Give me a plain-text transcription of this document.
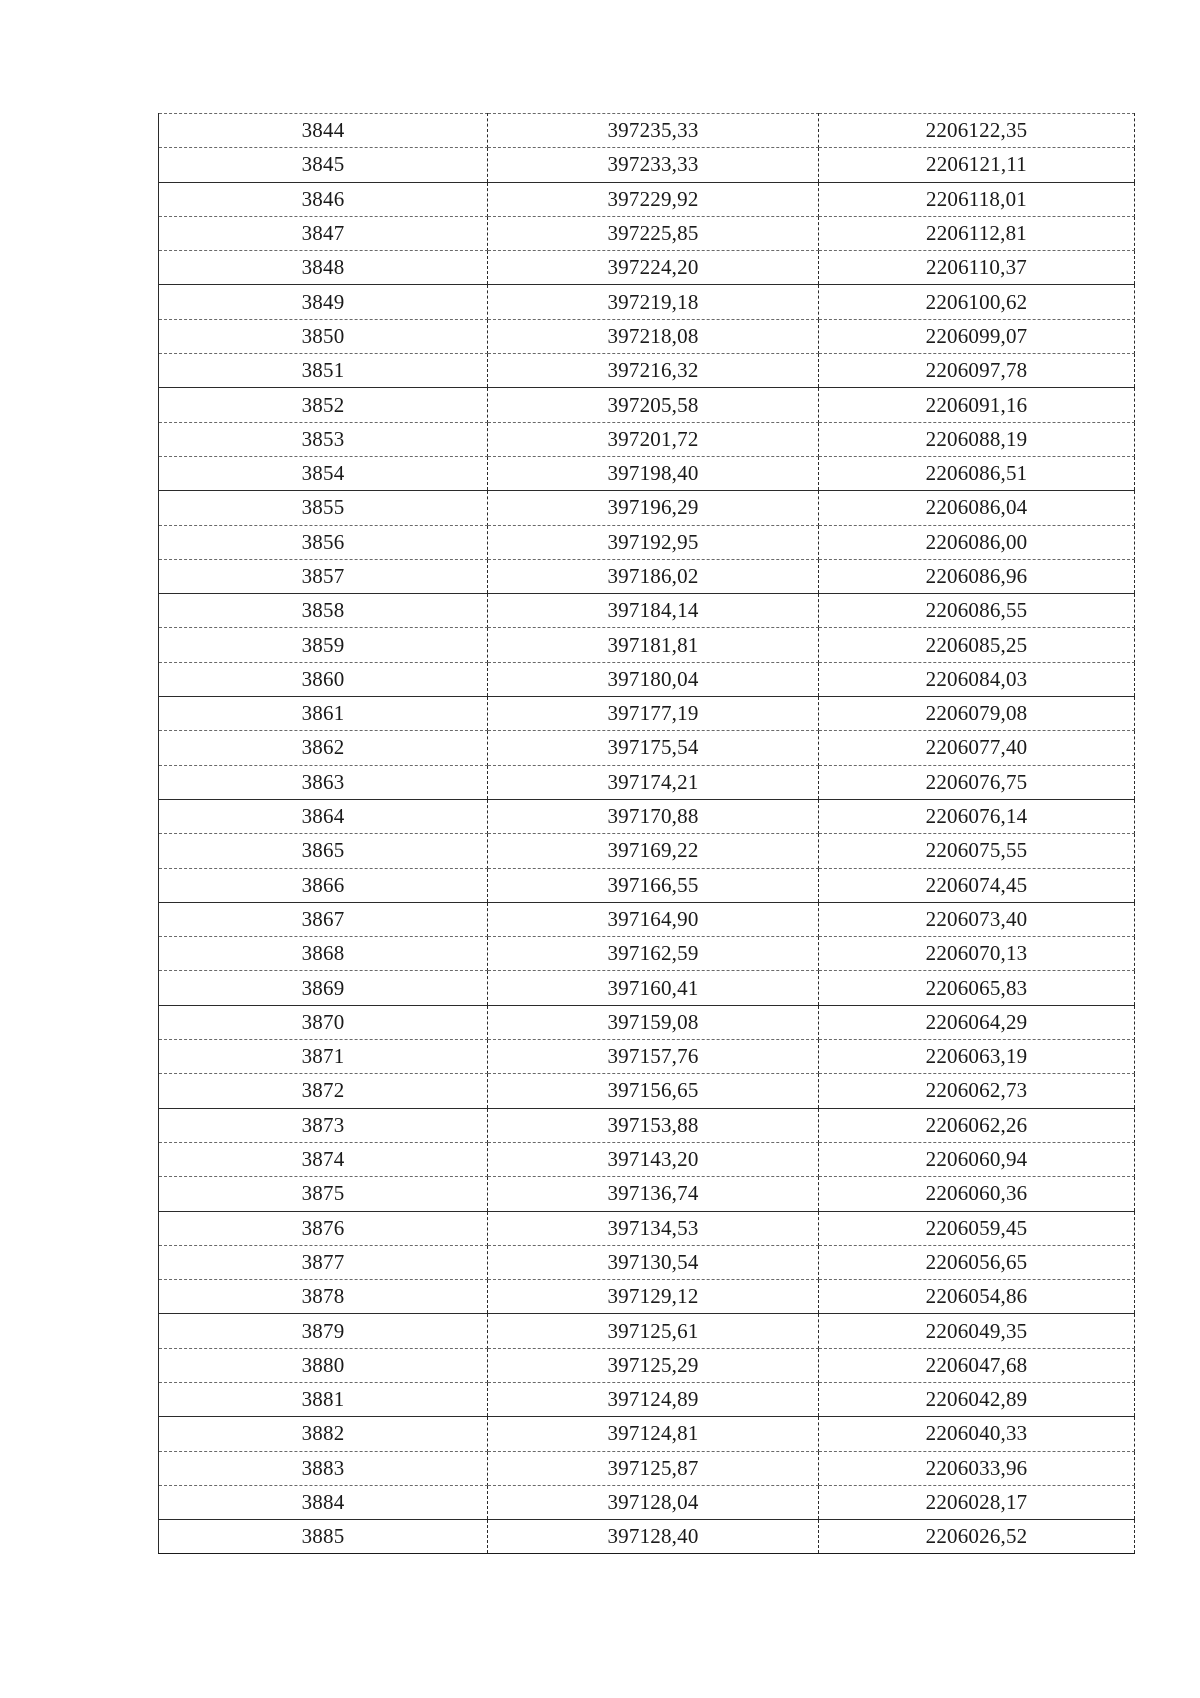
3844	397235,33	2206122,35
3845	397233,33	2206121,11
3846	397229,92	2206118,01
3847	397225,85	2206112,81
3848	397224,20	2206110,37
3849	397219,18	2206100,62
3850	397218,08	2206099,07
3851	397216,32	2206097,78
3852	397205,58	2206091,16
3853	397201,72	2206088,19
3854	397198,40	2206086,51
3855	397196,29	2206086,04
3856	397192,95	2206086,00
3857	397186,02	2206086,96
3858	397184,14	2206086,55
3859	397181,81	2206085,25
3860	397180,04	2206084,03
3861	397177,19	2206079,08
3862	397175,54	2206077,40
3863	397174,21	2206076,75
3864	397170,88	2206076,14
3865	397169,22	2206075,55
3866	397166,55	2206074,45
3867	397164,90	2206073,40
3868	397162,59	2206070,13
3869	397160,41	2206065,83
3870	397159,08	2206064,29
3871	397157,76	2206063,19
3872	397156,65	2206062,73
3873	397153,88	2206062,26
3874	397143,20	2206060,94
3875	397136,74	2206060,36
3876	397134,53	2206059,45
3877	397130,54	2206056,65
3878	397129,12	2206054,86
3879	397125,61	2206049,35
3880	397125,29	2206047,68
3881	397124,89	2206042,89
3882	397124,81	2206040,33
3883	397125,87	2206033,96
3884	397128,04	2206028,17
3885	397128,40	2206026,52
